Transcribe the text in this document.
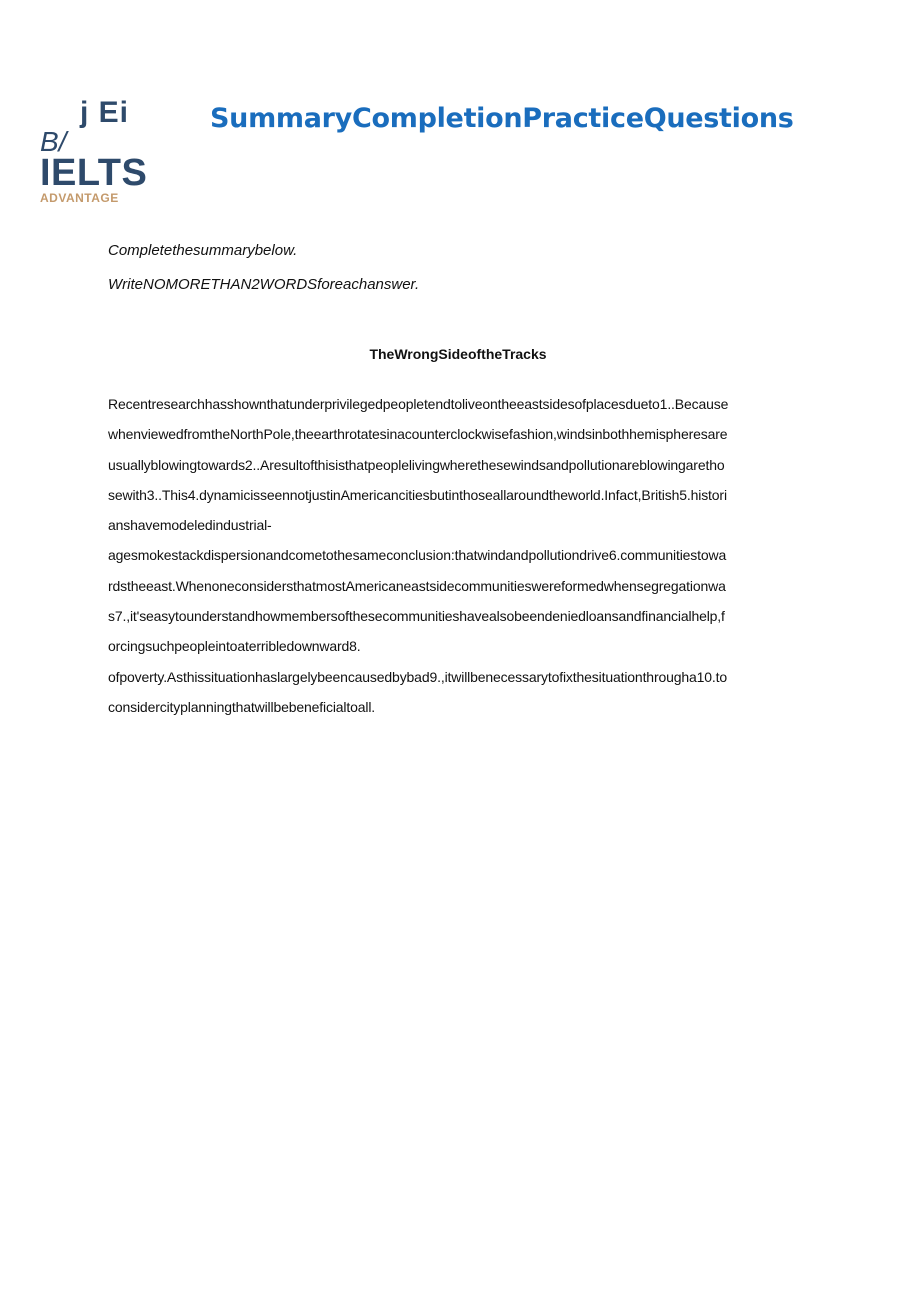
j Ei
B/
IELTS
ADVANTAGE
SummaryCompletionPracticeQuestions
Completethesummarybelow.
WriteNOMORETHAN2WORDSforeachanswer.
TheWrongSideoftheTracks
Recentresearchhasshownthatunderprivilegedpeopletendtoliveontheeastsidesofplacesdueto1..Because
whenviewedfromtheNorthPole,theearthrotatesinacounterclockwisefashion,windsinbothhemispheresare
usuallyblowingtowards2..Aresultofthisisthatpeoplelivingwherethesewindsandpollutionareblowingaretho
sewith3..This4.dynamicisseennotjustinAmericancitiesbutinthoseallaroundtheworld.Infact,British5.histori
anshavemodeledindustrial-
agesmokestackdispersionandcometothesameconclusion:thatwindandpollutiondrive6.communitiestowa
rdstheeast.WhenoneconsidersthatmostAmericaneastsidecommunitieswereformedwhensegregationwa
s7.,it'seasytounderstandhowmembersofthesecommunitieshavealsobeendeniedloansandfinancialhelp,f
orcingsuchpeopleintoaterribledownward8.
ofpoverty.Asthissituationhaslargelybeencausedbybad9.,itwillbenecessarytofixthesituationthrougha10.to
considercityplanningthatwillbebeneficialtoall.
